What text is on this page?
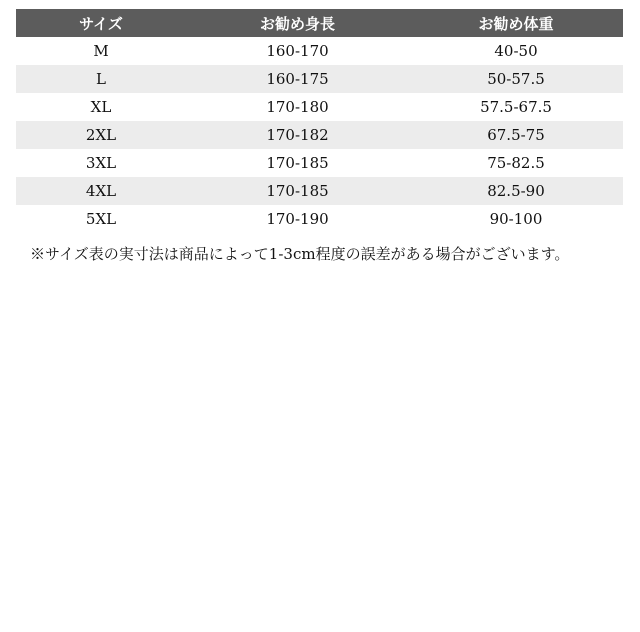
サイズ	お勧め身長	お勧め体重
M	160-170	40-50
L	160-175	50-57.5
XL	170-180	57.5-67.5
2XL	170-182	67.5-75
3XL	170-185	75-82.5
4XL	170-185	82.5-90
5XL	170-190	90-100
※サイズ表の実寸法は商品によって1-3cm程度の誤差がある場合がございます。
